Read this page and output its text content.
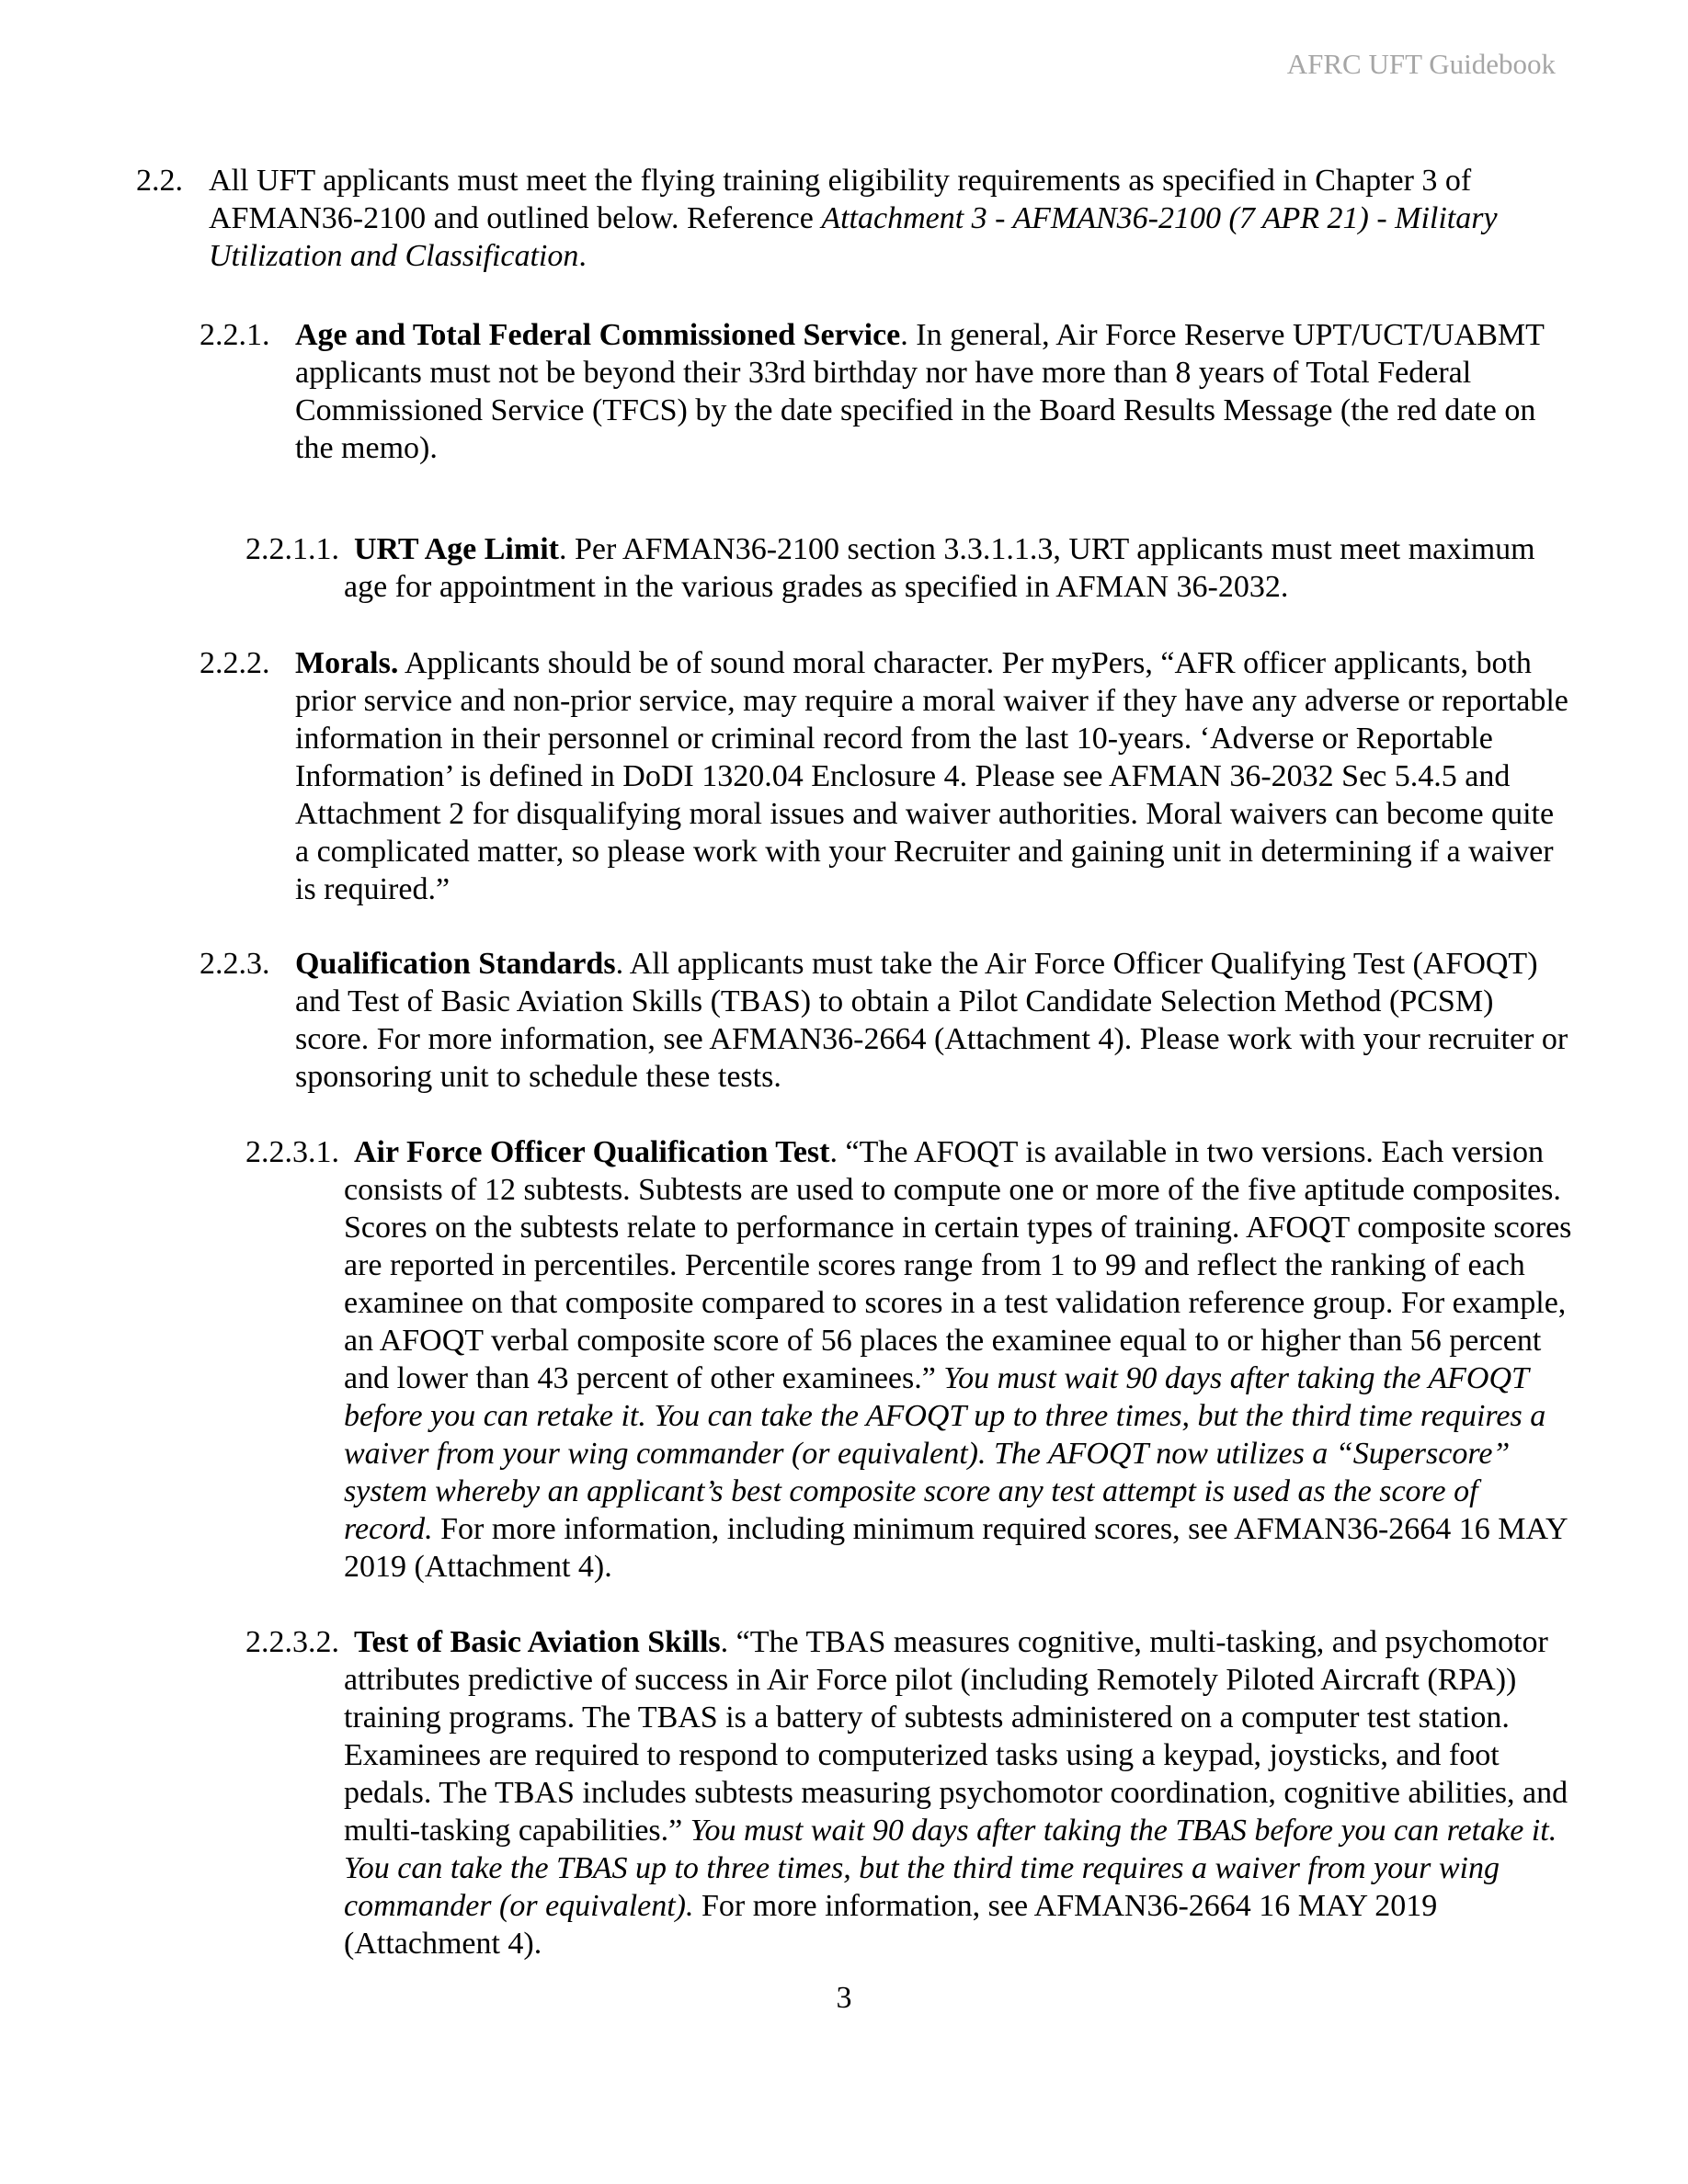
AFRC UFT Guidebook
2.2. All UFT applicants must meet the flying training eligibility requirements as specified in Chapter 3 of AFMAN36-2100 and outlined below. Reference Attachment 3 - AFMAN36-2100 (7 APR 21) - Military Utilization and Classification.
2.2.1. Age and Total Federal Commissioned Service. In general, Air Force Reserve UPT/UCT/UABMT applicants must not be beyond their 33rd birthday nor have more than 8 years of Total Federal Commissioned Service (TFCS) by the date specified in the Board Results Message (the red date on the memo).
2.2.1.1. URT Age Limit. Per AFMAN36-2100 section 3.3.1.1.3, URT applicants must meet maximum age for appointment in the various grades as specified in AFMAN 36-2032.
2.2.2. Morals. Applicants should be of sound moral character. Per myPers, “AFR officer applicants, both prior service and non-prior service, may require a moral waiver if they have any adverse or reportable information in their personnel or criminal record from the last 10-years. ‘Adverse or Reportable Information’ is defined in DoDI 1320.04 Enclosure 4. Please see AFMAN 36-2032 Sec 5.4.5 and Attachment 2 for disqualifying moral issues and waiver authorities. Moral waivers can become quite a complicated matter, so please work with your Recruiter and gaining unit in determining if a waiver is required.”
2.2.3. Qualification Standards. All applicants must take the Air Force Officer Qualifying Test (AFOQT) and Test of Basic Aviation Skills (TBAS) to obtain a Pilot Candidate Selection Method (PCSM) score. For more information, see AFMAN36-2664 (Attachment 4). Please work with your recruiter or sponsoring unit to schedule these tests.
2.2.3.1. Air Force Officer Qualification Test. “The AFOQT is available in two versions. Each version consists of 12 subtests. Subtests are used to compute one or more of the five aptitude composites. Scores on the subtests relate to performance in certain types of training. AFOQT composite scores are reported in percentiles. Percentile scores range from 1 to 99 and reflect the ranking of each examinee on that composite compared to scores in a test validation reference group. For example, an AFOQT verbal composite score of 56 places the examinee equal to or higher than 56 percent and lower than 43 percent of other examinees.” You must wait 90 days after taking the AFOQT before you can retake it. You can take the AFOQT up to three times, but the third time requires a waiver from your wing commander (or equivalent). The AFOQT now utilizes a “Superscore” system whereby an applicant’s best composite score any test attempt is used as the score of record. For more information, including minimum required scores, see AFMAN36-2664 16 MAY 2019 (Attachment 4).
2.2.3.2. Test of Basic Aviation Skills. “The TBAS measures cognitive, multi-tasking, and psychomotor attributes predictive of success in Air Force pilot (including Remotely Piloted Aircraft (RPA)) training programs. The TBAS is a battery of subtests administered on a computer test station. Examinees are required to respond to computerized tasks using a keypad, joysticks, and foot pedals. The TBAS includes subtests measuring psychomotor coordination, cognitive abilities, and multi-tasking capabilities.” You must wait 90 days after taking the TBAS before you can retake it. You can take the TBAS up to three times, but the third time requires a waiver from your wing commander (or equivalent). For more information, see AFMAN36-2664 16 MAY 2019 (Attachment 4).
3
